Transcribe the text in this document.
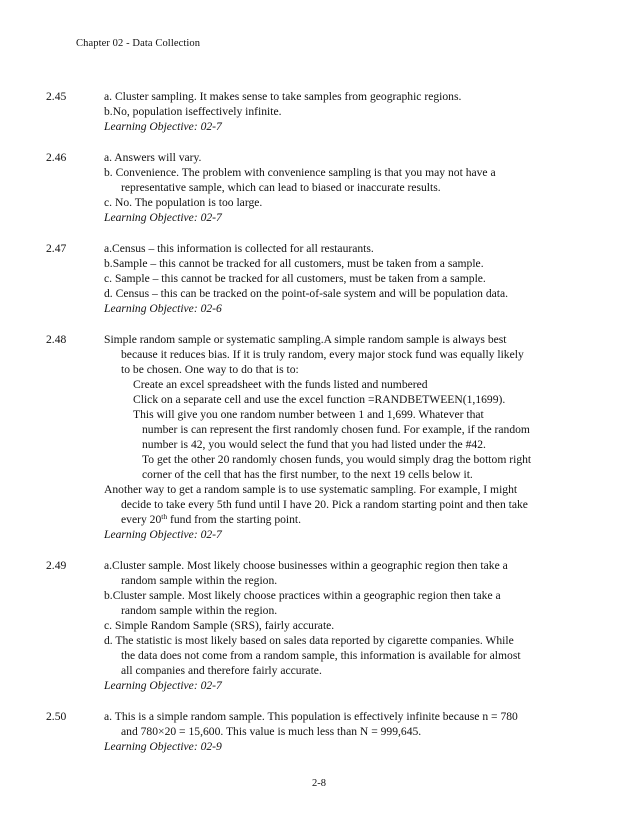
Chapter 02 - Data Collection
2.45	a. Cluster sampling. It makes sense to take samples from geographic regions.
b.No, population iseffectively infinite.
Learning Objective: 02-7
2.46	a. Answers will vary.
b. Convenience. The problem with convenience sampling is that you may not have a
representative sample, which can lead to biased or inaccurate results.
c. No. The population is too large.
Learning Objective: 02-7
2.47	a.Census – this information is collected for all restaurants.
b.Sample – this cannot be tracked for all customers, must be taken from a sample.
c. Sample – this cannot be tracked for all customers, must be taken from a sample.
d. Census – this can be tracked on the point-of-sale system and will be population data.
Learning Objective: 02-6
2.48	Simple random sample or systematic sampling.A simple random sample is always best
because it reduces bias. If it is truly random, every major stock fund was equally likely
to be chosen. One way to do that is to:
Create an excel spreadsheet with the funds listed and numbered
Click on a separate cell and use the excel function =RANDBETWEEN(1,1699).
This will give you one random number between 1 and 1,699. Whatever that
number is can represent the first randomly chosen fund. For example, if the random
number is 42, you would select the fund that you had listed under the #42.
To get the other 20 randomly chosen funds, you would simply drag the bottom right
corner of the cell that has the first number, to the next 19 cells below it.
Another way to get a random sample is to use systematic sampling. For example, I might
decide to take every 5th fund until I have 20. Pick a random starting point and then take
every 20th fund from the starting point.
Learning Objective: 02-7
2.49	a.Cluster sample. Most likely choose businesses within a geographic region then take a
random sample within the region.
b.Cluster sample. Most likely choose practices within a geographic region then take a
random sample within the region.
c. Simple Random Sample (SRS), fairly accurate.
d. The statistic is most likely based on sales data reported by cigarette companies. While
the data does not come from a random sample, this information is available for almost
all companies and therefore fairly accurate.
Learning Objective: 02-7
2.50	a. This is a simple random sample. This population is effectively infinite because n = 780
and 780×20 = 15,600. This value is much less than N = 999,645.
Learning Objective: 02-9
2-8
